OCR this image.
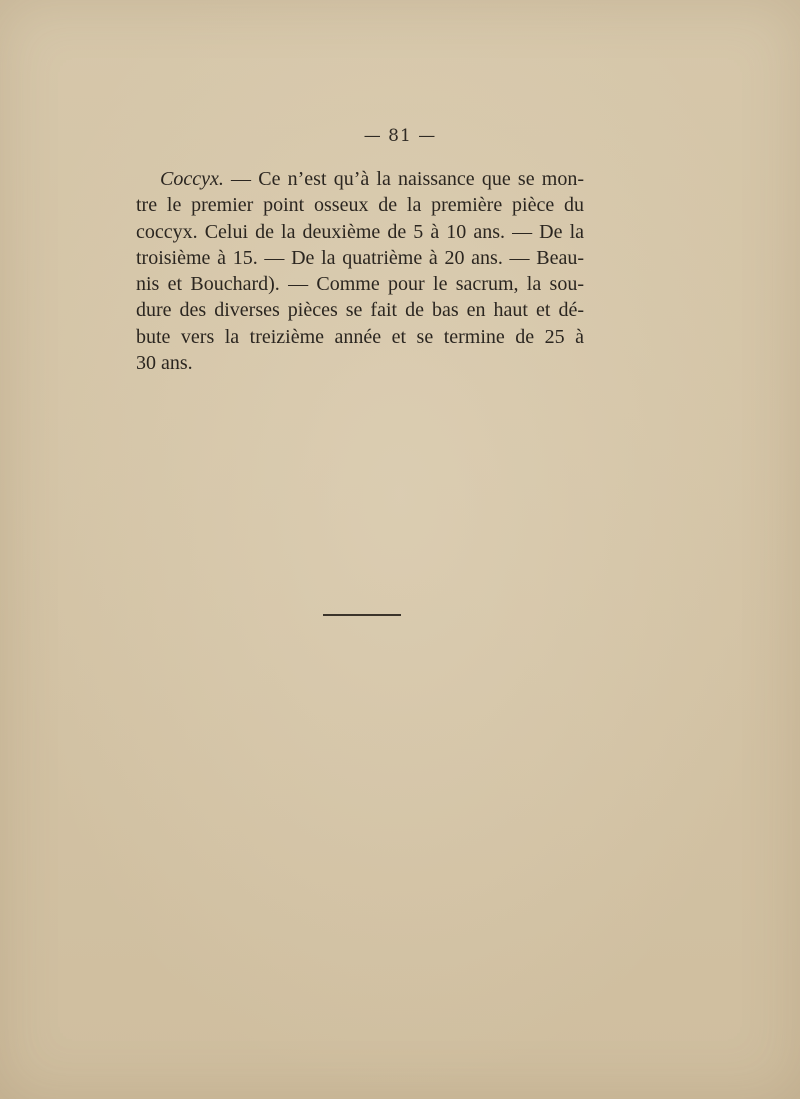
— 81 —
Coccyx. — Ce n’est qu’à la naissance que se mon-
tre le premier point osseux de la première pièce du
coccyx. Celui de la deuxième de 5 à 10 ans. — De la
troisième à 15. — De la quatrième à 20 ans. — Beau-
nis et Bouchard). — Comme pour le sacrum, la sou-
dure des diverses pièces se fait de bas en haut et dé-
bute vers la treizième année et se termine de 25 à
30 ans.
